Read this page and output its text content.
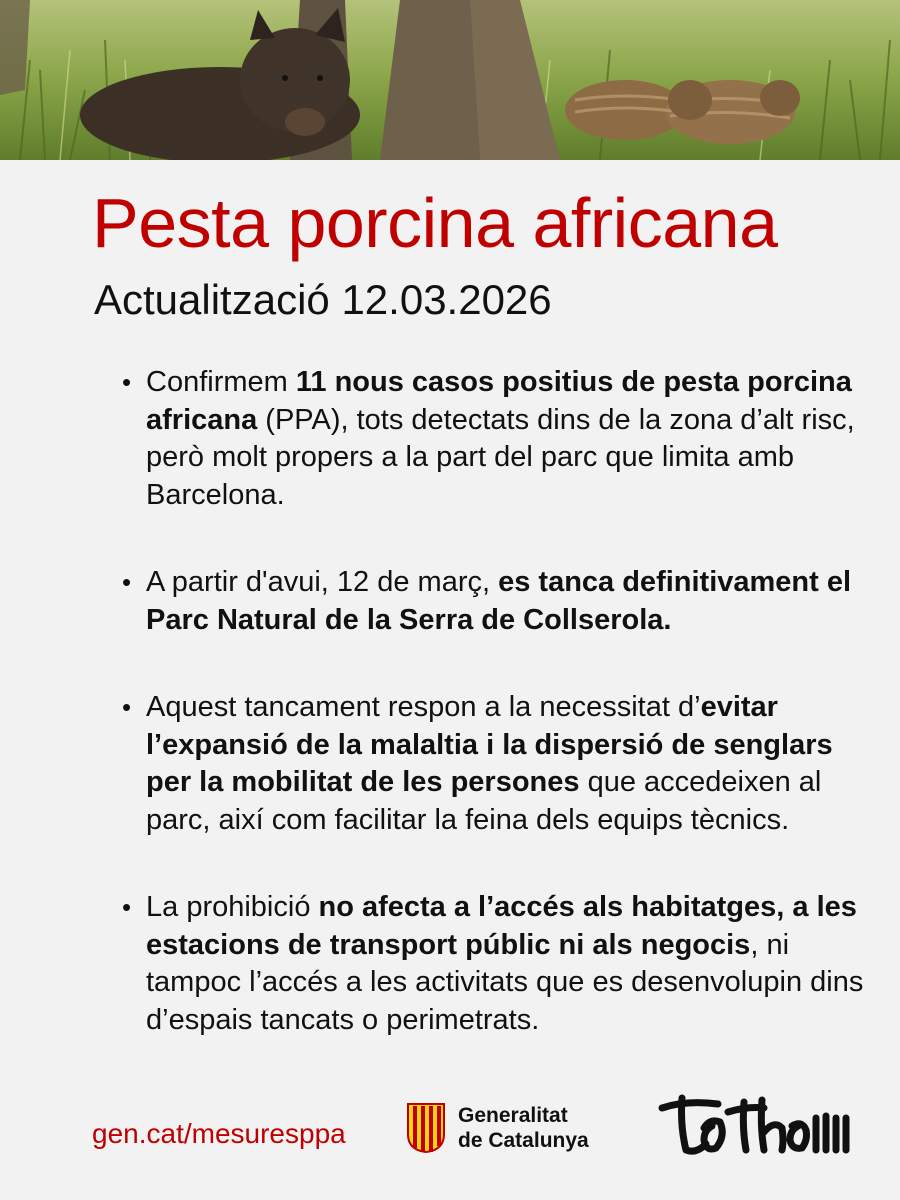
Pesta porcina africana
Actualització 12.03.2026
• Confirmem 11 nous casos positius de pesta porcina africana (PPA), tots detectats dins de la zona d’alt risc, però molt propers a la part del parc que limita amb Barcelona.
• A partir d'avui, 12 de març, es tanca definitivament el Parc Natural de la Serra de Collserola.
• Aquest tancament respon a la necessitat d’evitar l’expansió de la malaltia i la dispersió de senglars per la mobilitat de les persones que accedeixen al parc, així com facilitar la feina dels equips tècnics.
• La prohibició no afecta a l’accés als habitatges, a les estacions de transport públic ni als negocis, ni tampoc l’accés a les activitats que es desenvolupin dins d’espais tancats o perimetrats.
gen.cat/mesuresppa
Generalitat
de Catalunya
